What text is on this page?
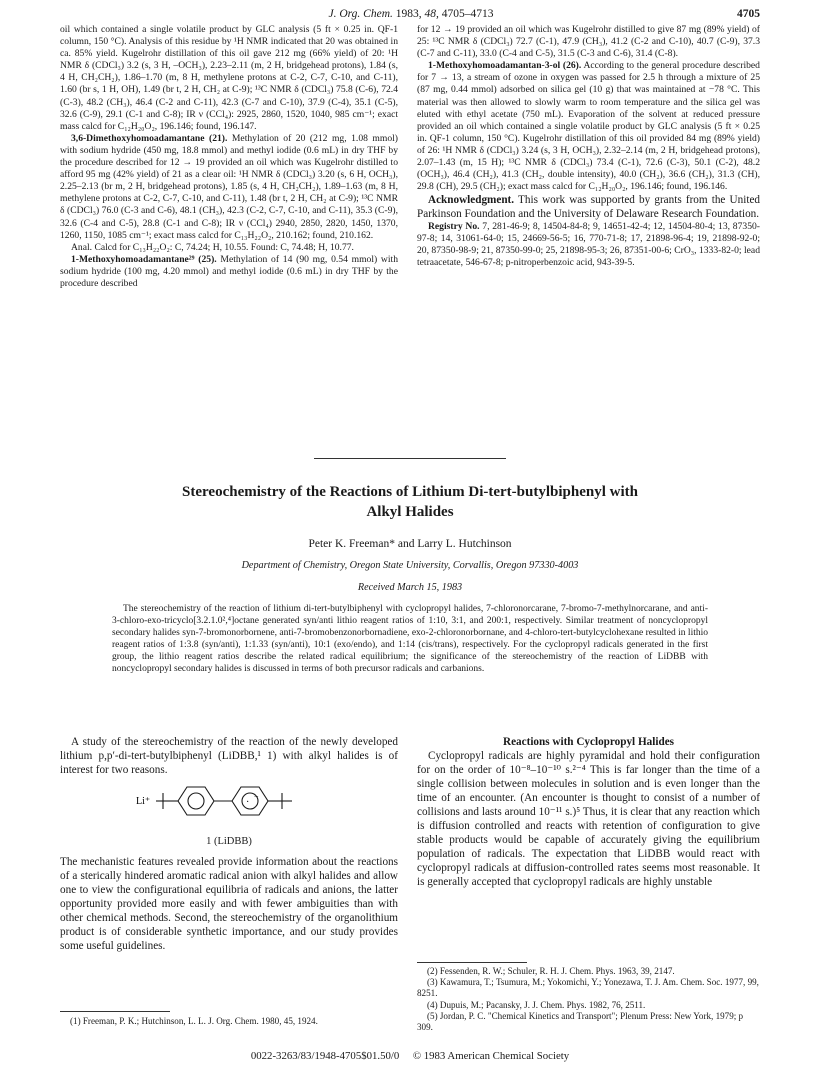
J. Org. Chem. 1983, 48, 4705–4713	4705

oil which contained a single volatile product by GLC analysis (5 ft × 0.25 in. QF-1 column, 150 °C). Analysis of this residue by ¹H NMR indicated that 20 was obtained in ca. 85% yield. Kugelrohr distillation of this oil gave 212 mg (66% yield) of 20: ¹H NMR δ (CDCl₃) 3.2 (s, 3 H, –OCH₃), 2.23–2.11 (m, 2 H, bridgehead protons), 1.84 (s, 4 H, CH₂CH₂), 1.86–1.70 (m, 8 H, methylene protons at C-2, C-7, C-10, and C-11), 1.60 (br s, 1 H, OH), 1.49 (br t, 2 H, CH₂ at C-9); ¹³C NMR δ (CDCl₃) 75.8 (C-6), 72.4 (C-3), 48.2 (CH₃), 46.4 (C-2 and C-11), 42.3 (C-7 and C-10), 37.9 (C-4), 35.1 (C-5), 32.6 (C-9), 29.1 (C-1 and C-8); IR ν (CCl₄): 2925, 2860, 1520, 1040, 985 cm⁻¹; exact mass calcd for C₁₂H₂₀O₂, 196.146; found, 196.147.

3,6-Dimethoxyhomoadamantane (21). Methylation of 20 (212 mg, 1.08 mmol) with sodium hydride (450 mg, 18.8 mmol) and methyl iodide (0.6 mL) in dry THF by the procedure described for 12 → 19 provided an oil which was Kugelrohr distilled to afford 95 mg (42% yield) of 21 as a clear oil: ¹H NMR δ (CDCl₃) 3.20 (s, 6 H, OCH₃), 2.25–2.13 (br m, 2 H, bridgehead protons), 1.85 (s, 4 H, CH₂CH₂), 1.89–1.63 (m, 8 H, methylene protons at C-2, C-7, C-10, and C-11), 1.48 (br t, 2 H, CH₂ at C-9); ¹³C NMR δ (CDCl₃) 76.0 (C-3 and C-6), 48.1 (CH₃), 42.3 (C-2, C-7, C-10, and C-11), 35.3 (C-9), 32.6 (C-4 and C-5), 28.8 (C-1 and C-8); IR ν (CCl₄) 2940, 2850, 2820, 1450, 1370, 1260, 1150, 1085 cm⁻¹; exact mass calcd for C₁₃H₂₂O₂, 210.162; found, 210.162.

Anal. Calcd for C₁₃H₂₂O₂: C, 74.24; H, 10.55. Found: C, 74.48; H, 10.77.

1-Methoxyhomoadamantane²⁹ (25). Methylation of 14 (90 mg, 0.54 mmol) with sodium hydride (100 mg, 4.20 mmol) and methyl iodide (0.6 mL) in dry THF by the procedure described

for 12 → 19 provided an oil which was Kugelrohr distilled to give 87 mg (89% yield) of 25: ¹³C NMR δ (CDCl₃) 72.7 (C-1), 47.9 (CH₃), 41.2 (C-2 and C-10), 40.7 (C-9), 37.3 (C-7 and C-11), 33.0 (C-4 and C-5), 31.5 (C-3 and C-6), 31.4 (C-8).

1-Methoxyhomoadamantan-3-ol (26). According to the general procedure described for 7 → 13, a stream of ozone in oxygen was passed for 2.5 h through a mixture of 25 (87 mg, 0.44 mmol) adsorbed on silica gel (10 g) that was maintained at −78 °C. This material was then allowed to slowly warm to room temperature and the silica gel was eluted with ethyl acetate (750 mL). Evaporation of the solvent at reduced pressure provided an oil which contained a single volatile product by GLC analysis (5 ft × 0.25 in. QF-1 column, 150 °C). Kugelrohr distillation of this oil provided 84 mg (89% yield) of 26: ¹H NMR δ (CDCl₃) 3.24 (s, 3 H, OCH₃), 2.32–2.14 (m, 2 H, bridgehead protons), 2.07–1.43 (m, 15 H); ¹³C NMR δ (CDCl₃) 73.4 (C-1), 72.6 (C-3), 50.1 (C-2), 48.2 (OCH₃), 46.4 (CH₂), 41.3 (CH₂, double intensity), 40.0 (CH₂), 36.6 (CH₂), 31.3 (CH), 29.8 (CH), 29.5 (CH₂); exact mass calcd for C₁₂H₂₀O₂, 196.146; found, 196.146.

Acknowledgment. This work was supported by grants from the United Parkinson Foundation and the University of Delaware Research Foundation.

Registry No. 7, 281-46-9; 8, 14504-84-8; 9, 14651-42-4; 12, 14504-80-4; 13, 87350-97-8; 14, 31061-64-0; 15, 24669-56-5; 16, 770-71-8; 17, 21898-96-4; 19, 21898-92-0; 20, 87350-98-9; 21, 87350-99-0; 25, 21898-95-3; 26, 87351-00-6; CrO₃, 1333-82-0; lead tetraacetate, 546-67-8; p-nitroperbenzoic acid, 943-39-5.

Stereochemistry of the Reactions of Lithium Di-tert-butylbiphenyl with
Alkyl Halides
Peter K. Freeman* and Larry L. Hutchinson
Department of Chemistry, Oregon State University, Corvallis, Oregon 97330-4003
Received March 15, 1983
The stereochemistry of the reaction of lithium di-tert-butylbiphenyl with cyclopropyl halides, 7-chloronorcarane, 7-bromo-7-methylnorcarane, and anti-3-chloro-exo-tricyclo[3.2.1.0²,⁴]octane generated syn/anti lithio reagent ratios of 1:10, 3:1, and 200:1, respectively. Similar treatment of noncyclopropyl secondary halides syn-7-bromonorbornene, anti-7-bromobenzonorbornadiene, exo-2-chloronorbornane, and 4-chloro-tert-butylcyclohexane resulted in lithio reagent ratios of 1:3.8 (syn/anti), 1:1.33 (syn/anti), 10:1 (exo/endo), and 1:14 (cis/trans), respectively. For the cyclopropyl radicals generated in the first group, the lithio reagent ratios describe the related radical equilibrium; the significance of the stereochemistry of the reaction of LiDBB with noncyclopropyl secondary halides is discussed in terms of both precursor radicals and carbanions.

A study of the stereochemistry of the reaction of the newly developed lithium p,p′-di-tert-butylbiphenyl (LiDBB,¹ 1) with alkyl halides is of interest for two reasons.

Li⁺	·
−
1 (LiDBB)

The mechanistic features revealed provide information about the reactions of a sterically hindered aromatic radical anion with alkyl halides and allow one to view the configurational equilibria of radicals and anions, the latter opportunity provided more easily and with fewer ambiguities than with other chemical methods. Second, the stereochemistry of the organolithium product is of considerable synthetic importance, and our study provides some useful guidelines.

Reactions with Cyclopropyl Halides

Cyclopropyl radicals are highly pyramidal and hold their configuration for on the order of 10⁻⁸–10⁻¹⁰ s.²⁻⁴ This is far longer than the time of a single collision between molecules in solution and is even longer than the time of an encounter. (An encounter is thought to consist of a number of collisions and lasts around 10⁻¹¹ s.)⁵ Thus, it is clear that any reaction which is diffusion controlled and reacts with retention of configuration to give stable products would be capable of accurately giving the equilibrium population of radicals. The expectation that LiDBB would react with cyclopropyl radicals at diffusion-controlled rates seems most reasonable. It is generally accepted that cyclopropyl radicals are highly unstable

(1) Freeman, P. K.; Hutchinson, L. L. J. Org. Chem. 1980, 45, 1924.

(2) Fessenden, R. W.; Schuler, R. H. J. Chem. Phys. 1963, 39, 2147.

(3) Kawamura, T.; Tsumura, M.; Yokomichi, Y.; Yonezawa, T. J. Am. Chem. Soc. 1977, 99, 8251.

(4) Dupuis, M.; Pacansky, J. J. Chem. Phys. 1982, 76, 2511.

(5) Jordan, P. C. "Chemical Kinetics and Transport"; Plenum Press: New York, 1979; p 309.

0022-3263/83/1948-4705$01.50/0 © 1983 American Chemical Society
